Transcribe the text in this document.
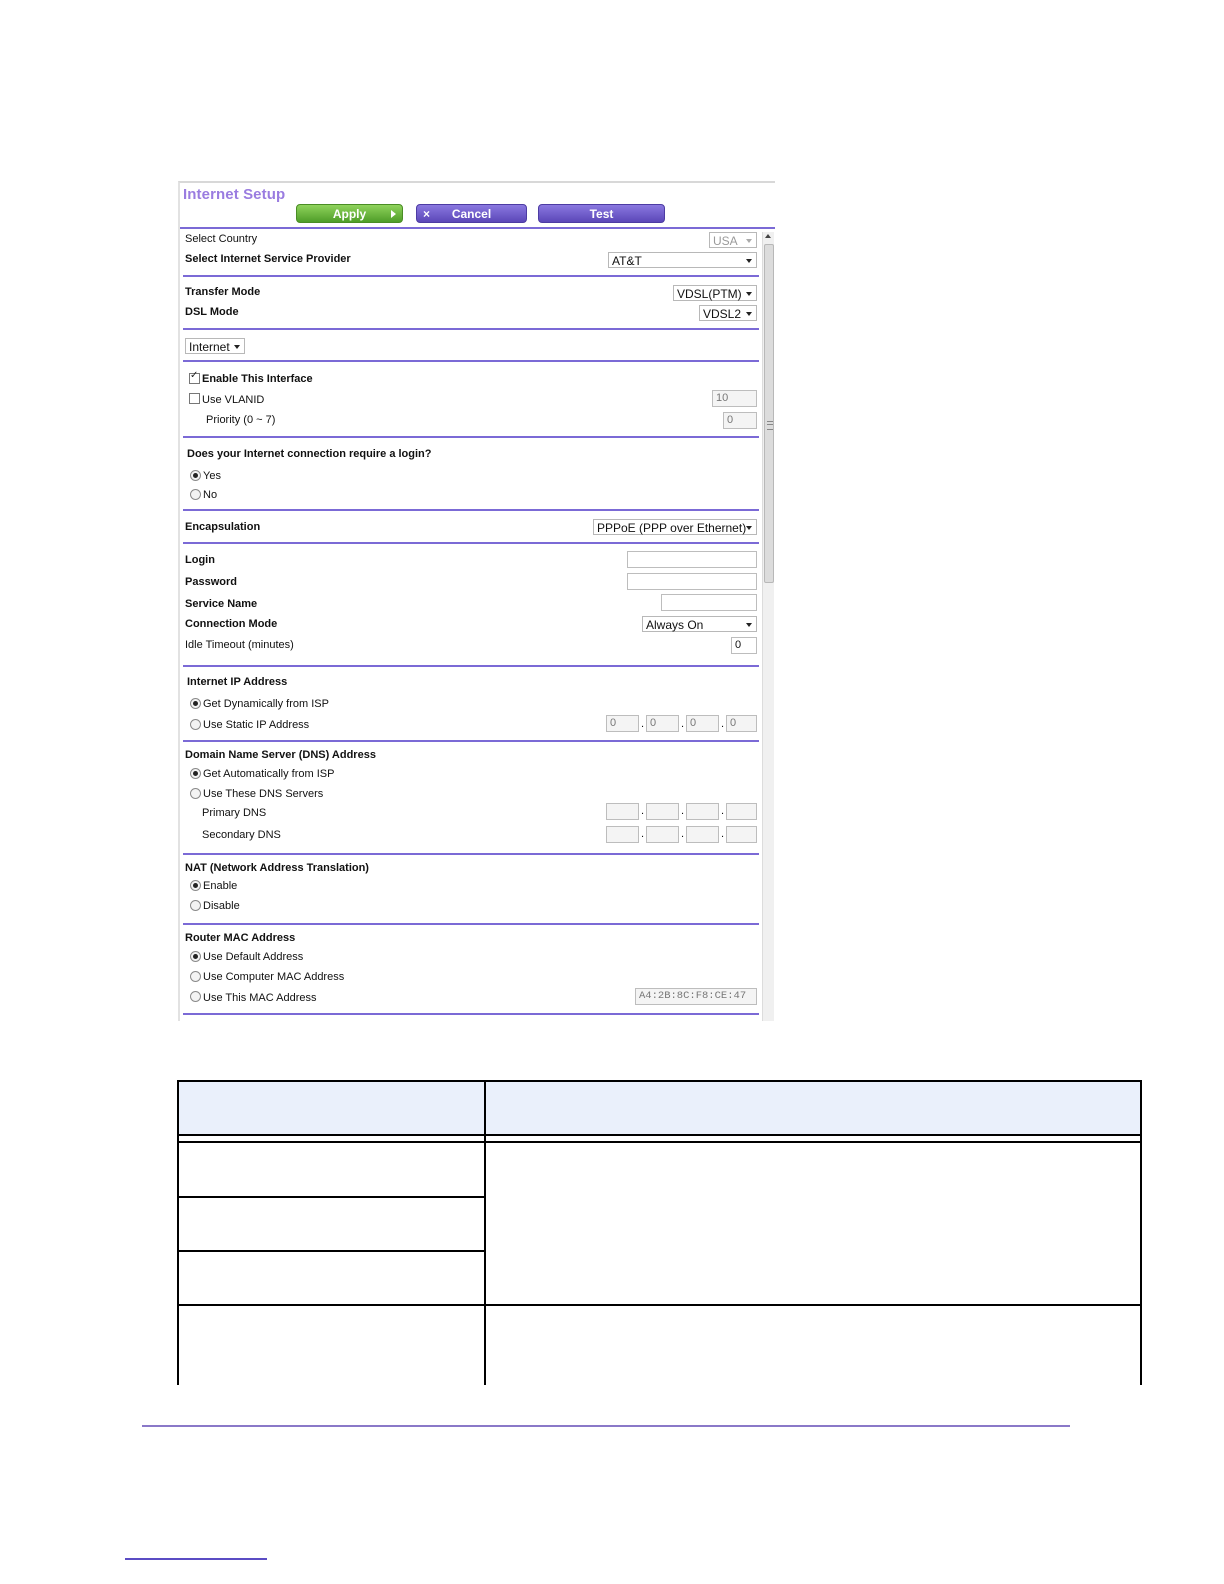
Internet Setup
Apply	× Cancel	Test
Select Country	USA
Select Internet Service Provider	AT&T
Transfer Mode	VDSL(PTM)
DSL Mode	VDSL2
Internet
✓
Enable This Interface
Use VLANID	10
Priority (0 ~ 7)	0
Does your Internet connection require a login?
Yes
No
Encapsulation	PPPoE (PPP over Ethernet)
Login
Password
Service Name
Connection Mode	Always On
Idle Timeout (minutes)	0
Internet IP Address
Get Dynamically from ISP
Use Static IP Address	0	. 0	. 0	. 0
Domain Name Server (DNS) Address
Get Automatically from ISP
Use These DNS Servers
Primary DNS	.	.	.
Secondary DNS	.	.	.
NAT (Network Address Translation)
Enable
Disable
Router MAC Address
Use Default Address
Use Computer MAC Address
Use This MAC Address	A4:2B:8C:F8:CE:47
